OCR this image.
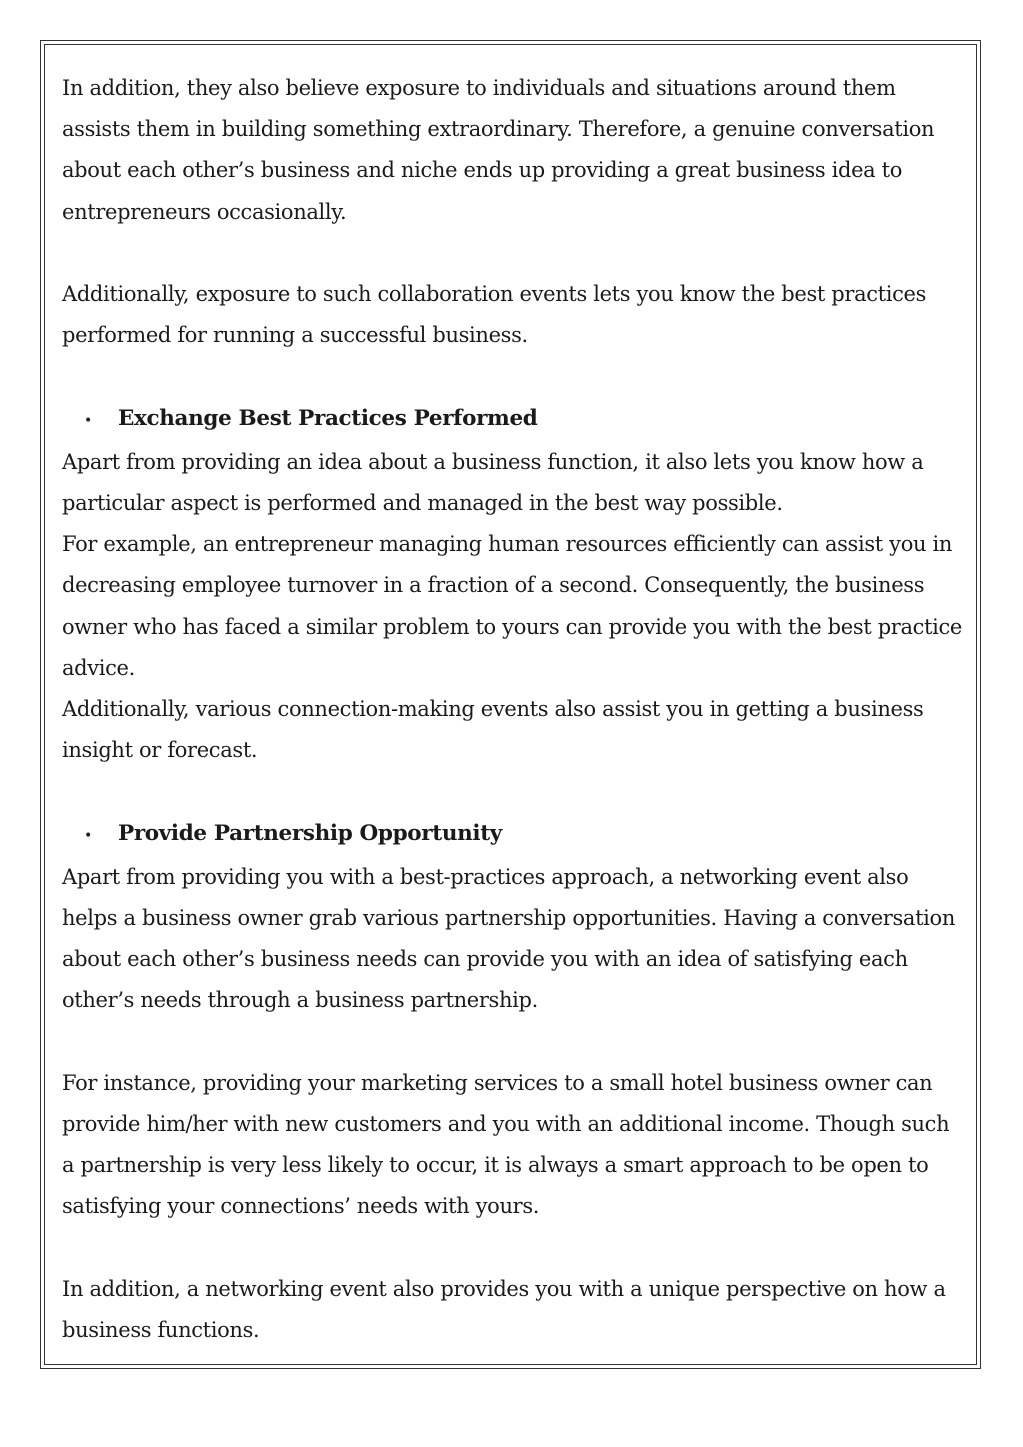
In addition, they also believe exposure to individuals and situations around them assists them in building something extraordinary. Therefore, a genuine conversation about each other’s business and niche ends up providing a great business idea to entrepreneurs occasionally.

Additionally, exposure to such collaboration events lets you know the best practices performed for running a successful business.

•	Exchange Best Practices Performed

Apart from providing an idea about a business function, it also lets you know how a particular aspect is performed and managed in the best way possible.

For example, an entrepreneur managing human resources efficiently can assist you in decreasing employee turnover in a fraction of a second. Consequently, the business owner who has faced a similar problem to yours can provide you with the best practice advice.

Additionally, various connection-making events also assist you in getting a business insight or forecast.

•	Provide Partnership Opportunity

Apart from providing you with a best-practices approach, a networking event also helps a business owner grab various partnership opportunities. Having a conversation about each other’s business needs can provide you with an idea of satisfying each other’s needs through a business partnership.

For instance, providing your marketing services to a small hotel business owner can provide him/her with new customers and you with an additional income. Though such a partnership is very less likely to occur, it is always a smart approach to be open to satisfying your connections’ needs with yours.

In addition, a networking event also provides you with a unique perspective on how a business functions.
